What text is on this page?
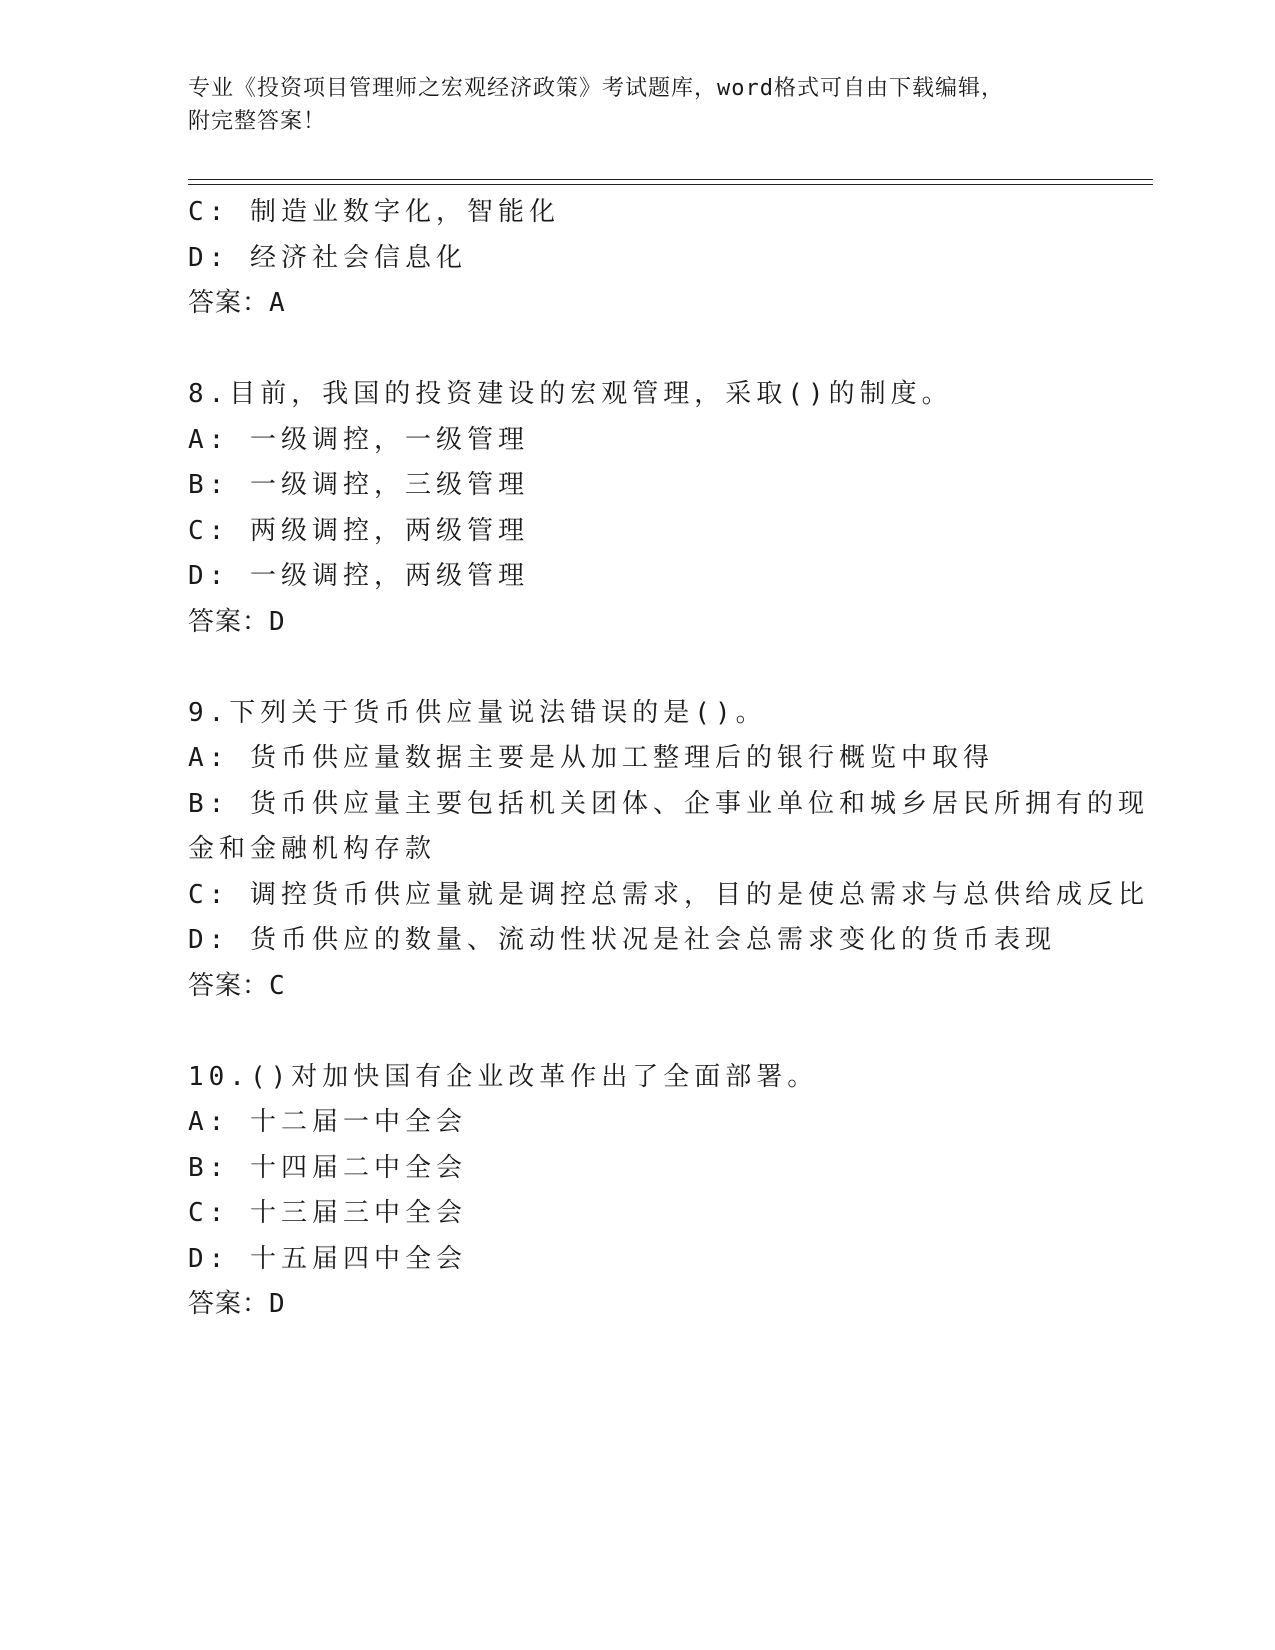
专业《投资项目管理师之宏观经济政策》考试题库，word格式可自由下载编辑，
附完整答案！
C: 制造业数字化，智能化
D: 经济社会信息化
答案：A
8.目前，我国的投资建设的宏观管理，采取()的制度。
A: 一级调控，一级管理
B: 一级调控，三级管理
C: 两级调控，两级管理
D: 一级调控，两级管理
答案：D
9.下列关于货币供应量说法错误的是()。
A: 货币供应量数据主要是从加工整理后的银行概览中取得
B: 货币供应量主要包括机关团体、企事业单位和城乡居民所拥有的现
金和金融机构存款
C: 调控货币供应量就是调控总需求，目的是使总需求与总供给成反比
D: 货币供应的数量、流动性状况是社会总需求变化的货币表现
答案：C
10.()对加快国有企业改革作出了全面部署。
A: 十二届一中全会
B: 十四届二中全会
C: 十三届三中全会
D: 十五届四中全会
答案：D
